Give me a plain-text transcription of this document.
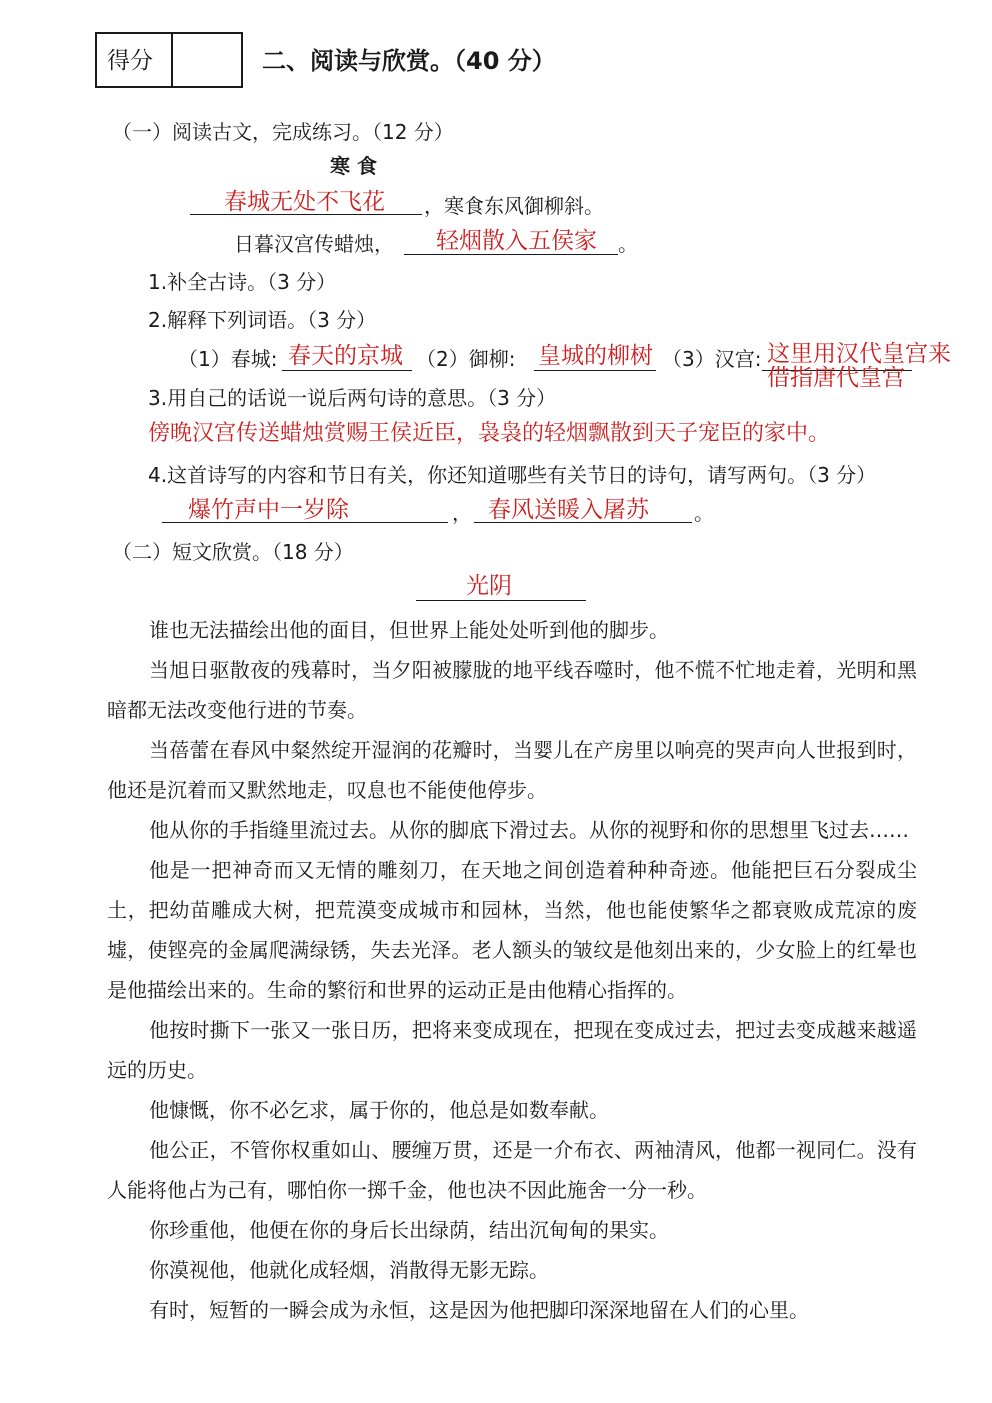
得分	二、阅读与欣赏。（40 分）
（一）阅读古文，完成练习。（12 分）
寒 食
春城无处不飞花 ，寒食东风御柳斜。
日暮汉宫传蜡烛， 轻烟散入五侯家 。
1.补全古诗。（3 分）
2.解释下列词语。（3 分）
（1）春城: 春天的京城 （2）御柳: 皇城的柳树 （3）汉宫: 这里用汉代皇宫来
借指唐代皇宫
3.用自己的话说一说后两句诗的意思。（3 分）
傍晚汉宫传送蜡烛赏赐王侯近臣，袅袅的轻烟飘散到天子宠臣的家中。
4.这首诗写的内容和节日有关，你还知道哪些有关节日的诗句，请写两句。（3 分）
爆竹声中一岁除	， 春风送暖入屠苏 。
（二）短文欣赏。（18 分）
光阴

谁也无法描绘出他的面目，但世界上能处处听到他的脚步。

当旭日驱散夜的残幕时，当夕阳被朦胧的地平线吞噬时，他不慌不忙地走着，光明和黑暗都无法改变他行进的节奏。

当蓓蕾在春风中粲然绽开湿润的花瓣时，当婴儿在产房里以响亮的哭声向人世报到时，他还是沉着而又默然地走，叹息也不能使他停步。

他从你的手指缝里流过去。从你的脚底下滑过去。从你的视野和你的思想里飞过去……

他是一把神奇而又无情的雕刻刀，在天地之间创造着种种奇迹。他能把巨石分裂成尘土，把幼苗雕成大树，把荒漠变成城市和园林，当然，他也能使繁华之都衰败成荒凉的废墟，使铿亮的金属爬满绿锈，失去光泽。老人额头的皱纹是他刻出来的，少女脸上的红晕也是他描绘出来的。生命的繁衍和世界的运动正是由他精心指挥的。

他按时撕下一张又一张日历，把将来变成现在，把现在变成过去，把过去变成越来越遥远的历史。

他慷慨，你不必乞求，属于你的，他总是如数奉献。

他公正，不管你权重如山、腰缠万贯，还是一介布衣、两袖清风，他都一视同仁。没有人能将他占为己有，哪怕你一掷千金，他也决不因此施舍一分一秒。

你珍重他，他便在你的身后长出绿荫，结出沉甸甸的果实。

你漠视他，他就化成轻烟，消散得无影无踪。

有时，短暂的一瞬会成为永恒，这是因为他把脚印深深地留在人们的心里。
